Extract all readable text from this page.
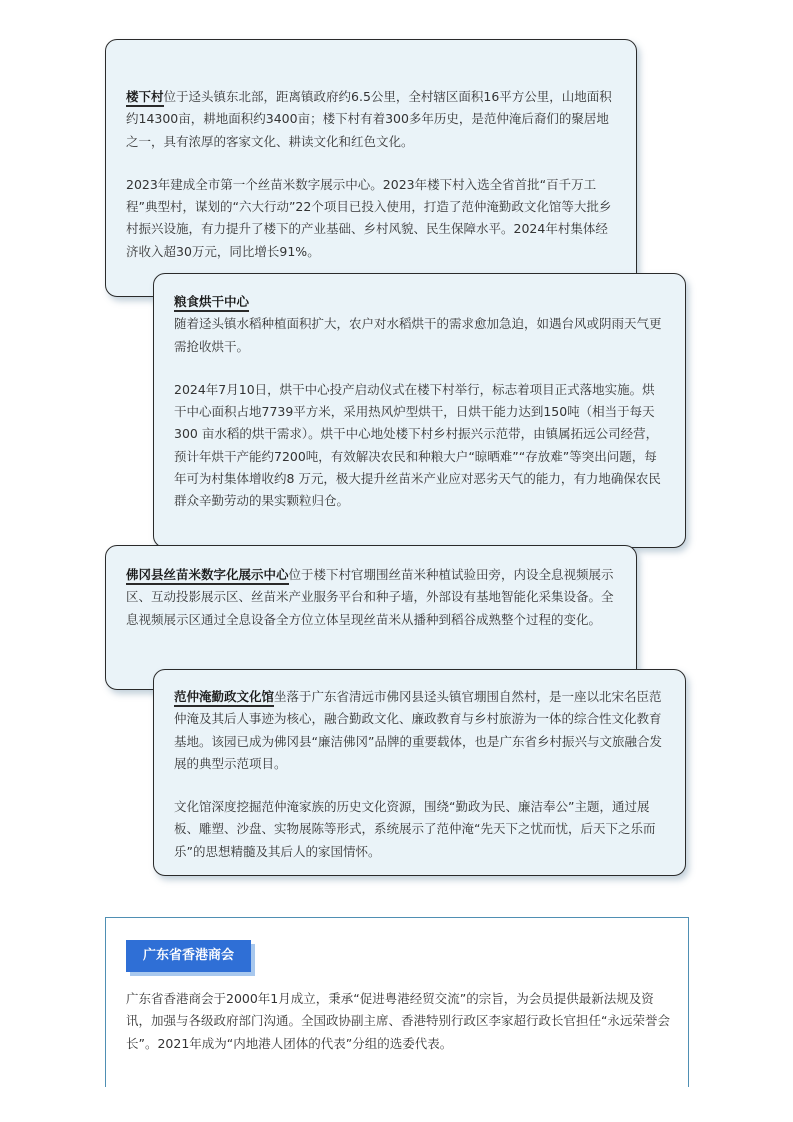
楼下村位于迳头镇东北部，距离镇政府约6.5公里，全村辖区面积16平方公里，山地面积约14300亩，耕地面积约3400亩；楼下村有着300多年历史，是范仲淹后裔们的聚居地之一，具有浓厚的客家文化、耕读文化和红色文化。

2023年建成全市第一个丝苗米数字展示中心。2023年楼下村入选全省首批“百千万工程”典型村，谋划的“六大行动”22个项目已投入使用，打造了范仲淹勤政文化馆等大批乡村振兴设施，有力提升了楼下的产业基础、乡村风貌、民生保障水平。2024年村集体经济收入超30万元，同比增长91%。

粮食烘干中心

随着迳头镇水稻种植面积扩大，农户对水稻烘干的需求愈加急迫，如遇台风或阴雨天气更需抢收烘干。

2024年7月10日，烘干中心投产启动仪式在楼下村举行，标志着项目正式落地实施。烘干中心面积占地7739平方米，采用热风炉型烘干，日烘干能力达到150吨（相当于每天300 亩水稻的烘干需求）。烘干中心地处楼下村乡村振兴示范带，由镇属拓远公司经营，预计年烘干产能约7200吨，有效解决农民和种粮大户“晾晒难”“存放难”等突出问题，每年可为村集体增收约8 万元，极大提升丝苗米产业应对恶劣天气的能力，有力地确保农民群众辛勤劳动的果实颗粒归仓。

佛冈县丝苗米数字化展示中心位于楼下村官堋围丝苗米种植试验田旁，内设全息视频展示区、互动投影展示区、丝苗米产业服务平台和种子墙，外部设有基地智能化采集设备。全息视频展示区通过全息设备全方位立体呈现丝苗米从播种到稻谷成熟整个过程的变化。

范仲淹勤政文化馆坐落于广东省清远市佛冈县迳头镇官堋围自然村，是一座以北宋名臣范仲淹及其后人事迹为核心，融合勤政文化、廉政教育与乡村旅游为一体的综合性文化教育基地。该园已成为佛冈县“廉洁佛冈”品牌的重要载体，也是广东省乡村振兴与文旅融合发展的典型示范项目。

文化馆深度挖掘范仲淹家族的历史文化资源，围绕“勤政为民、廉洁奉公”主题，通过展板、雕塑、沙盘、实物展陈等形式，系统展示了范仲淹“先天下之忧而忧，后天下之乐而乐”的思想精髓及其后人的家国情怀。

广东省香港商会

广东省香港商会于2000年1月成立，秉承“促进粤港经贸交流”的宗旨，为会员提供最新法规及资讯，加强与各级政府部门沟通。全国政协副主席、香港特别行政区李家超行政长官担任“永远荣誉会长”。2021年成为“内地港人团体的代表”分组的选委代表。
